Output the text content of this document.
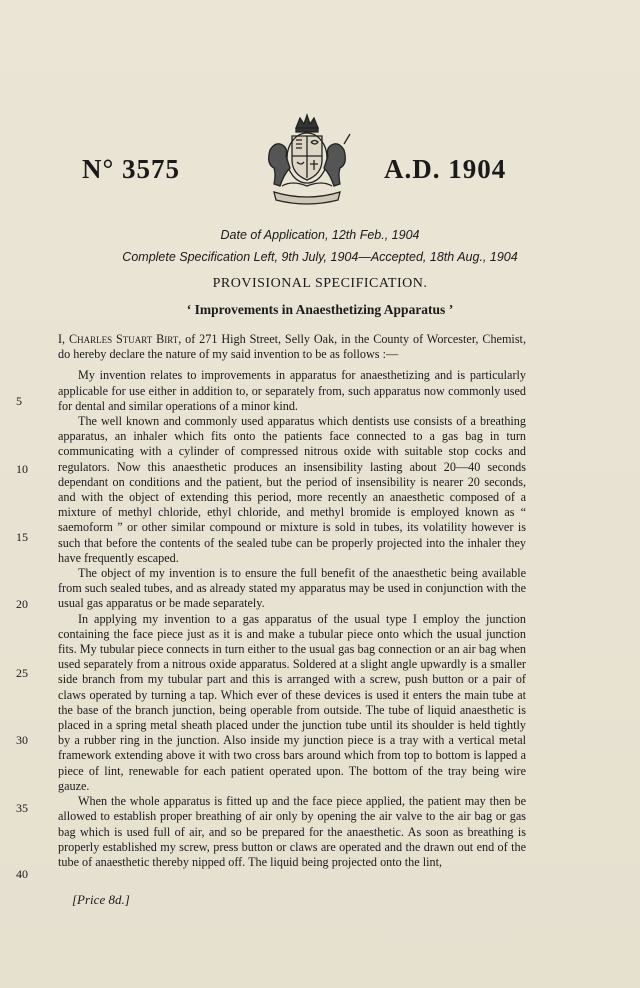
N° 3575	A.D. 1904
Date of Application, 12th Feb., 1904
Complete Specification Left, 9th July, 1904—Accepted, 18th Aug., 1904
PROVISIONAL SPECIFICATION.
‘ Improvements in Anaesthetizing Apparatus ’

I, Charles Stuart Birt, of 271 High Street, Selly Oak, in the County of Worcester, Chemist, do hereby declare the nature of my said invention to be as follows :—

My invention relates to improvements in apparatus for anaesthetizing and is particularly applicable for use either in addition to, or separately from, such apparatus now commonly used for dental and similar operations of a minor kind.

The well known and commonly used apparatus which dentists use consists of a breathing apparatus, an inhaler which fits onto the patients face connected to a gas bag in turn communicating with a cylinder of compressed nitrous oxide with suitable stop cocks and regulators. Now this anaesthetic produces an insensibility lasting about 20—40 seconds dependant on conditions and the patient, but the period of insensibility is nearer 20 seconds, and with the object of extending this period, more recently an anaesthetic composed of a mixture of methyl chloride, ethyl chloride, and methyl bromide is employed known as “ saemoform ” or other similar compound or mixture is sold in tubes, its volatility however is such that before the contents of the sealed tube can be properly projected into the inhaler they have frequently escaped.

The object of my invention is to ensure the full benefit of the anaesthetic being available from such sealed tubes, and as already stated my apparatus may be used in conjunction with the usual gas apparatus or be made separately.

In applying my invention to a gas apparatus of the usual type I employ the junction containing the face piece just as it is and make a tubular piece onto which the usual junction fits. My tubular piece connects in turn either to the usual gas bag connection or an air bag when used separately from a nitrous oxide apparatus. Soldered at a slight angle upwardly is a smaller side branch from my tubular part and this is arranged with a screw, push button or a pair of claws operated by turning a tap. Which ever of these devices is used it enters the main tube at the base of the branch junction, being operable from outside. The tube of liquid anaesthetic is placed in a spring metal sheath placed under the junction tube until its shoulder is held tightly by a rubber ring in the junction. Also inside my junction piece is a tray with a vertical metal framework extending above it with two cross bars around which from top to bottom is lapped a piece of lint, renewable for each patient operated upon. The bottom of the tray being wire gauze.

When the whole apparatus is fitted up and the face piece applied, the patient may then be allowed to establish proper breathing of air only by opening the air valve to the air bag or gas bag which is used full of air, and so be prepared for the anaesthetic. As soon as breathing is properly established my screw, press button or claws are operated and the drawn out end of the tube of anaesthetic thereby nipped off. The liquid being projected onto the lint,

5
10
15
20
25
30
35
40
[Price 8d.]
